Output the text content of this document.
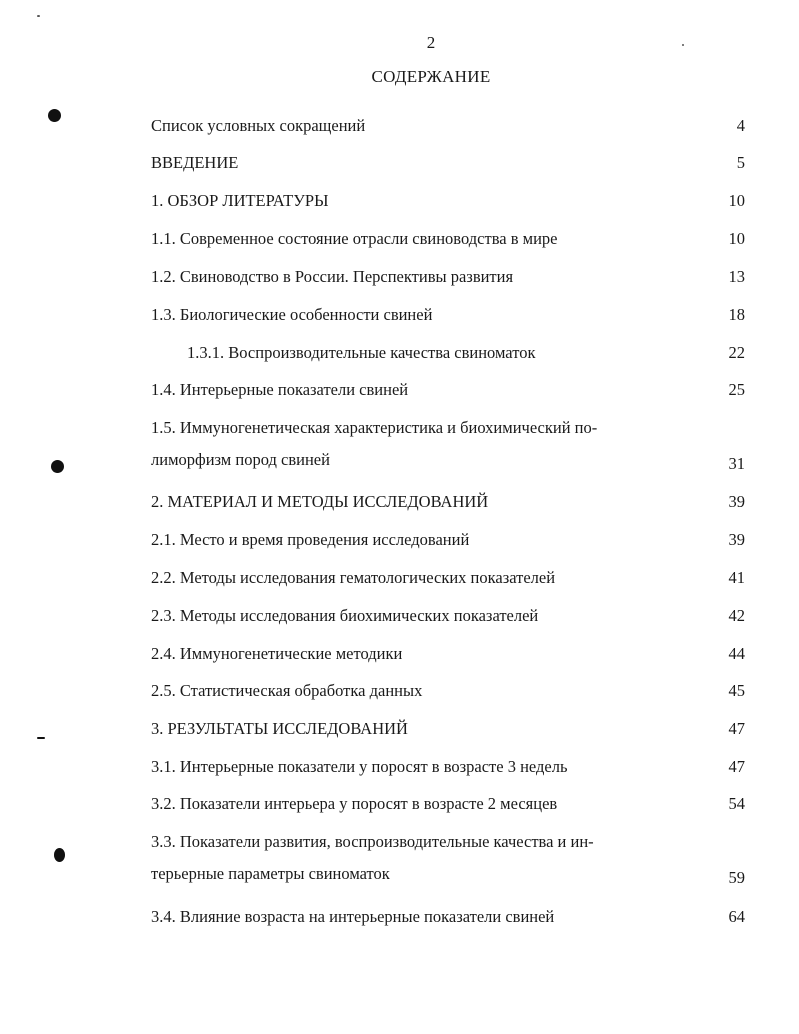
2
СОДЕРЖАНИЕ
Список условных сокращений	4
ВВЕДЕНИЕ	5
1. ОБЗОР ЛИТЕРАТУРЫ	10
1.1. Современное состояние отрасли свиноводства в мире	10
1.2. Свиноводство в России. Перспективы развития	13
1.3. Биологические особенности свиней	18
1.3.1. Воспроизводительные качества свиноматок	22
1.4. Интерьерные показатели свиней	25
1.5. Иммуногенетическая характеристика и биохимический по-лиморфизм пород свиней	31
2. МАТЕРИАЛ И МЕТОДЫ ИССЛЕДОВАНИЙ	39
2.1. Место и время проведения исследований	39
2.2. Методы исследования гематологических показателей	41
2.3. Методы исследования биохимических показателей	42
2.4. Иммуногенетические методики	44
2.5. Статистическая обработка данных	45
3. РЕЗУЛЬТАТЫ ИССЛЕДОВАНИЙ	47
3.1. Интерьерные показатели у поросят в возрасте 3 недель	47
3.2. Показатели интерьера у поросят в возрасте 2 месяцев	54
3.3. Показатели развития, воспроизводительные качества и ин-терьерные параметры свиноматок	59
3.4. Влияние возраста на интерьерные показатели свиней	64
